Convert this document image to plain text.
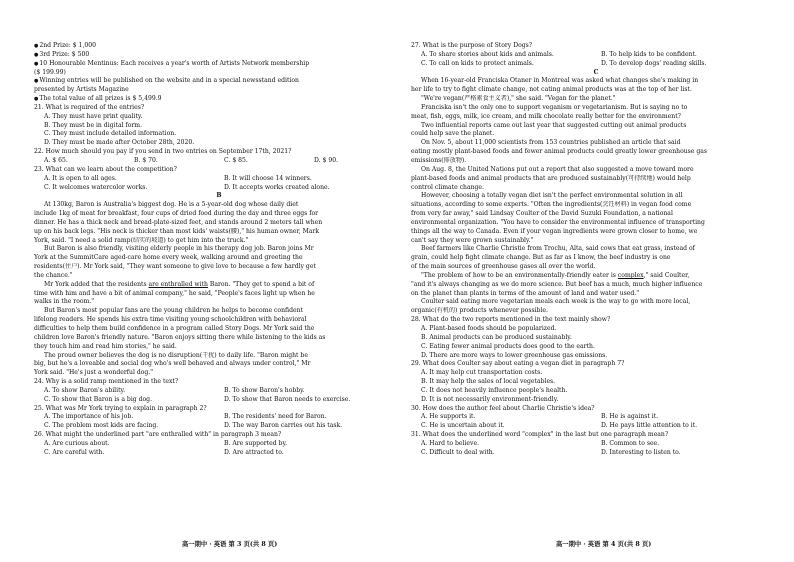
● 2nd Prize: $ 1,000
● 3rd Prize: $ 500
● 10 Honourable Mentinus: Each receives a year's worth of Artists Network membership
($ 199.99)
● Winning entries will be published on the website and in a special newsstand edition
presented by Artists Magazine
● The total value of all prizes is $ 5,499.9
21. What is required of the entries?
A. They must have print quality.
B. They must be in digital form.
C. They must include detailed information.
D. They must be made after October 28th, 2020.
22. How much should you pay if you send in two entries on September 17th, 2021?
A. $ 65.	B. $ 70.	C. $ 85.	D. $ 90.
23. What can we learn about the competition?
A. It is open to all ages.	B. It will choose 14 winners.
C. It welcomes watercolor works.	D. It accepts works created alone.
B
At 130kg, Baron is Australia's biggest dog. He is a 5-year-old dog whose daily diet
include 1kg of meat for breakfast, four cups of dried food during the day and three eggs for
dinner. He has a thick neck and bread-plate-sized feet, and stands around 2 meters tall when
up on his back legs. "His neck is thicker than most kids' waists(腰)," his human owner, Mark
York, said. "I need a solid ramp(结实的坡道) to get him into the truck."
But Baron is also friendly, visiting elderly people in his therapy dog job. Baron joins Mr
York at the SummitCare aged-care home every week, walking around and greeting the
residents(住户). Mr York said, "They want someone to give love to because a few hardly get
the chance."
Mr York added that the residents are enthralled with Baron. "They get to spend a bit of
time with him and have a bit of animal company," he said, "People's faces light up when he
walks in the room."
But Baron's most popular fans are the young children he helps to become confident
lifelong readers. He spends his extra time visiting young schoolchildren with behavioral
difficulties to help them build confidence in a program called Story Dogs. Mr York said the
children love Baron's friendly nature. "Baron enjoys sitting there while listening to the kids as
they touch him and read him stories," he said.
The proud owner believes the dog is no disruption(干扰) to daily life. "Baron might be
big, but he's a loveable and social dog who's well behaved and always under control," Mr
York said. "He's just a wonderful dog."
24. Why is a solid ramp mentioned in the text?
A. To show Baron's ability.	B. To show Baron's hobby.
C. To show that Baron is a big dog.	D. To show that Baron needs to exercise.
25. What was Mr York trying to explain in paragraph 2?
A. The importance of his job.	B. The residents' need for Baron.
C. The problem most kids are facing.	D. The way Baron carries out his task.
26. What might the underlined part "are enthralled with" in paragraph 3 mean?
A. Are curious about.	B. Are supported by.
C. Are careful with.	D. Are attracted to.
27. What is the purpose of Story Dogs?
A. To share stories about kids and animals.	B. To help kids to be confident.
C. To call on kids to protect animals.	D. To develop dogs' reading skills.
C
When 16-year-old Franciska Otaner in Montreal was asked what changes she's making in
her life to try to fight climate change, not cating animal products was at the top of her list.
"We're vegan(严格素食主义者)," she said. "Vegan for the planet."
Franciska isn't the only one to support veganism or vegetarianism. But is saying no to
meat, fish, eggs, milk, ice cream, and milk chocolate really better for the environment?
Two influential reports came out last year that suggested cutting out animal products
could help save the planet.
On Nov. 5, about 11,000 scientists from 153 countries published an article that said
eating mostly plant-based foods and fewer animal products could greatly lower greenhouse gas
emissions(排放物).
On Aug. 8, the United Nations put out a report that also suggested a move toward more
plant-based foods and animal products that are produced sustainably(可持续地) would help
control climate change.
However, choosing a totally vegan diet isn't the perfect environmental solution in all
situations, according to some experts. "Often the ingredients(烹饪材料) in vegan food come
from very far away," said Lindsay Coulter of the David Suzuki Foundation, a national
environmental organization. "You have to consider the environmental influence of transporting
things all the way to Canada. Even if your vegan ingredients were grown closer to home, we
can't say they were grown sustainably."
Beef farmers like Charlie Christie from Trochu, Alta, said cows that eat grass, instead of
grain, could help fight climate change. But as far as I know, the beef industry is one
of the main sources of greenhouse gases all over the world.
"The problem of how to be an environmentally-friendly eater is complex," said Coulter,
"and it's always changing as we do more science. But beef has a much, much higher influence
on the planet than plants in terms of the amount of land and water used."
Coulter said eating more vegetarian meals each week is the way to go with more local,
organic(有机的) products whenever possible.
28. What do the two reports mentioned in the text mainly show?
A. Plant-based foods should be popularized.
B. Animal products can be produced sustainably.
C. Eating fewer animal products does good to the earth.
D. There are more ways to lower greenhouse gas emissions.
29. What does Coulter say about eating a vegan diet in paragraph 7?
A. It may help cut transportation costs.
B. It may help the sales of local vegetables.
C. It does not heavily influence people's health.
D. It is not necessarily environment-friendly.
30. How does the author feel about Charlie Christie's idea?
A. He supports it.	B. He is against it.
C. He is uncertain about it.	D. He pays little attention to it.
31. What does the underlined word "complex" in the last but one paragraph mean?
A. Hard to believe.	B. Common to see.
C. Difficult to deal with.	D. Interesting to listen to.
高一期中 · 英语 第 3 页(共 8 页)	高一期中 · 英语 第 4 页(共 8 页)
